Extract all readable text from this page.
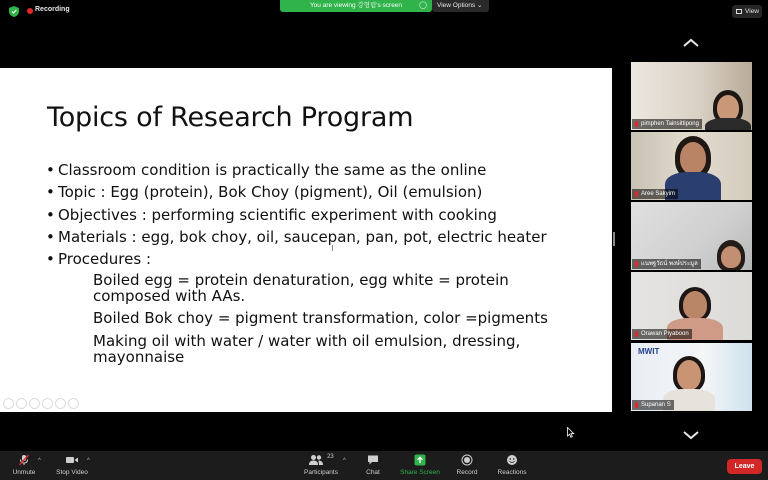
Recording
You are viewing 강형림's screen ◯	View Options ⌄
View
Topics of Research Program
• Classroom condition is practically the same as the online
• Topic : Egg (protein), Bok Choy (pigment), Oil (emulsion)
• Objectives : performing scientific experiment with cooking
• Materials : egg, bok choy, oil, saucepan, pan, pot, electric heater
• Procedures :
Boiled egg = protein denaturation, egg white = protein composed with AAs.
Boiled Bok choy = pigment transformation, color =pigments
Making oil with water / water with oil emulsion, dressing, mayonnaise
pimphen Tainsittipong
Aree Sakyim
แนพฐวัธน์ พงษ์ประมูล
Orawan Piyaboon
MWIT
Supanan S
Unmute
^
Stop Video
^
23
Participants
^
Chat	Share Screen	Record	Reactions
Leave
